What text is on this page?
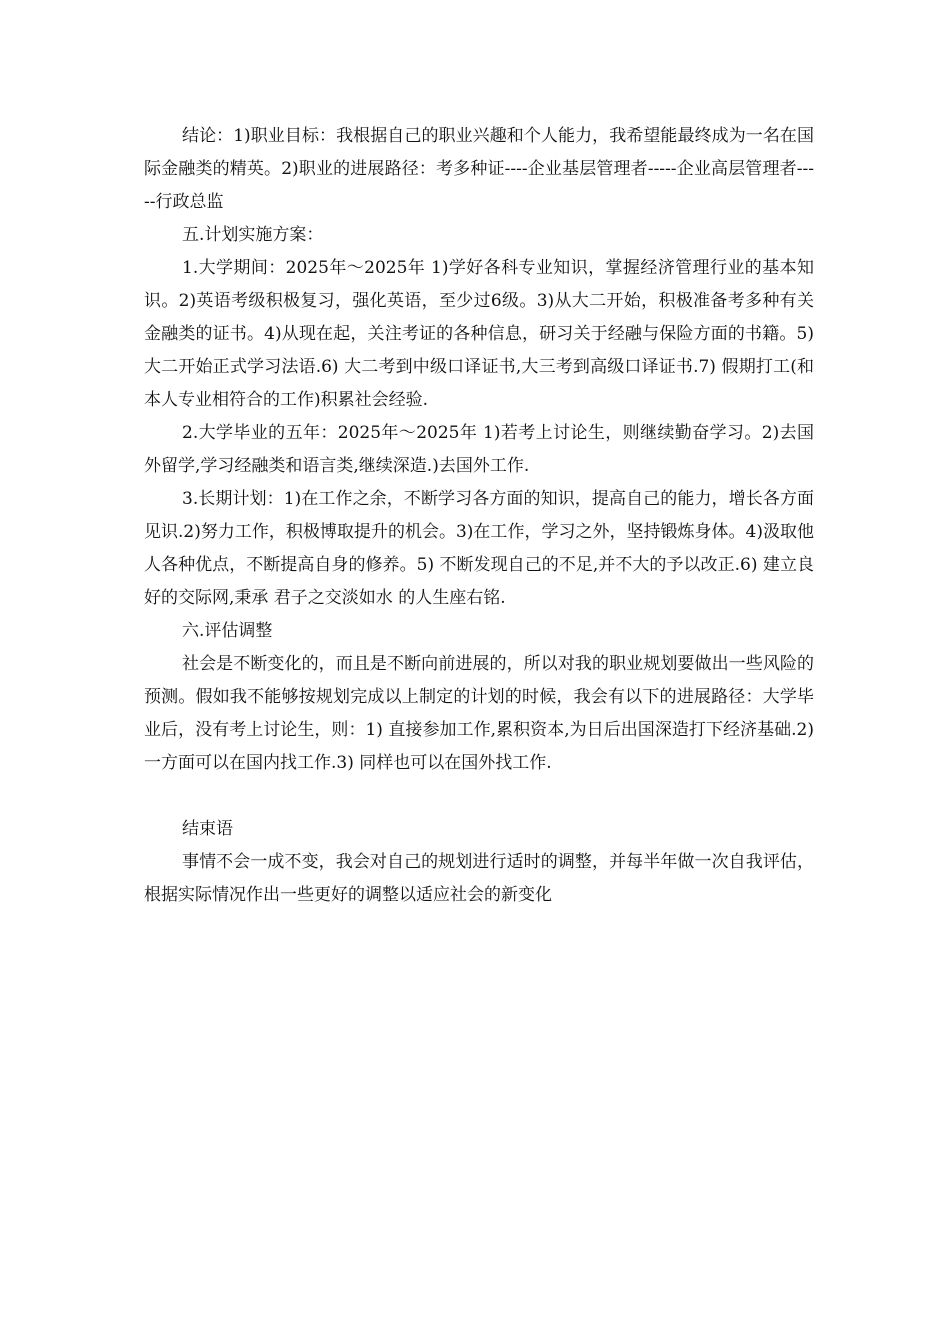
结论：1)职业目标：我根据自己的职业兴趣和个人能力，我希望能最终成为一名在国际金融类的精英。2)职业的进展路径：考多种证----企业基层管理者-----企业高层管理者-----行政总监

五.计划实施方案：

1.大学期间：2025年～2025年 1)学好各科专业知识，掌握经济管理行业的基本知识。2)英语考级积极复习，强化英语，至少过6级。3)从大二开始，积极准备考多种有关金融类的证书。4)从现在起，关注考证的各种信息，研习关于经融与保险方面的书籍。5) 大二开始正式学习法语.6) 大二考到中级口译证书,大三考到高级口译证书.7) 假期打工(和本人专业相符合的工作)积累社会经验.

2.大学毕业的五年：2025年～2025年 1)若考上讨论生，则继续勤奋学习。2)去国外留学,学习经融类和语言类,继续深造.)去国外工作.

3.长期计划：1)在工作之余，不断学习各方面的知识，提高自己的能力，增长各方面见识.2)努力工作，积极博取提升的机会。3)在工作，学习之外，坚持锻炼身体。4)汲取他人各种优点，不断提高自身的修养。5) 不断发现自己的不足,并不大的予以改正.6) 建立良好的交际网,秉承 君子之交淡如水 的人生座右铭.

六.评估调整

社会是不断变化的，而且是不断向前进展的，所以对我的职业规划要做出一些风险的预测。假如我不能够按规划完成以上制定的计划的时候，我会有以下的进展路径：大学毕业后，没有考上讨论生，则：1) 直接参加工作,累积资本,为日后出国深造打下经济基础.2) 一方面可以在国内找工作.3) 同样也可以在国外找工作.

结束语

事情不会一成不变，我会对自己的规划进行适时的调整，并每半年做一次自我评估，根据实际情况作出一些更好的调整以适应社会的新变化
